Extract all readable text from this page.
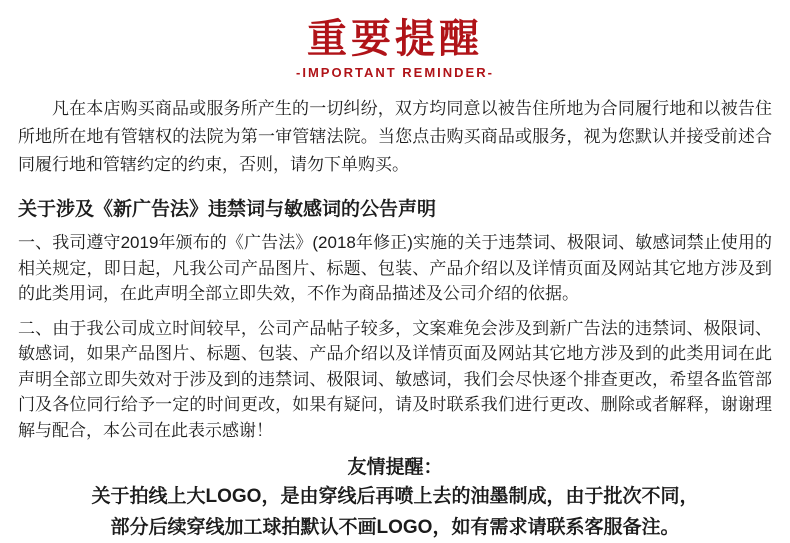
重要提醒
-IMPORTANT REMINDER-

凡在本店购买商品或服务所产生的一切纠纷，双方均同意以被告住所地为合同履行地和以被告住所地所在地有管辖权的法院为第一审管辖法院。当您点击购买商品或服务，视为您默认并接受前述合同履行地和管辖约定的约束，否则，请勿下单购买。

关于涉及《新广告法》违禁词与敏感词的公告声明

一、我司遵守2019年颁布的《广告法》(2018年修正)实施的关于违禁词、极限词、敏感词禁止使用的相关规定，即日起，凡我公司产品图片、标题、包装、产品介绍以及详情页面及网站其它地方涉及到的此类用词，在此声明全部立即失效，不作为商品描述及公司介绍的依据。

二、由于我公司成立时间较早，公司产品帖子较多，文案难免会涉及到新广告法的违禁词、极限词、敏感词，如果产品图片、标题、包装、产品介绍以及详情页面及网站其它地方涉及到的此类用词在此声明全部立即失效对于涉及到的违禁词、极限词、敏感词，我们会尽快逐个排查更改，希望各监管部门及各位同行给予一定的时间更改，如果有疑问，请及时联系我们进行更改、删除或者解释，谢谢理解与配合，本公司在此表示感谢！

友情提醒：
关于拍线上大LOGO，是由穿线后再喷上去的油墨制成，由于批次不同，
部分后续穿线加工球拍默认不画LOGO，如有需求请联系客服备注。
